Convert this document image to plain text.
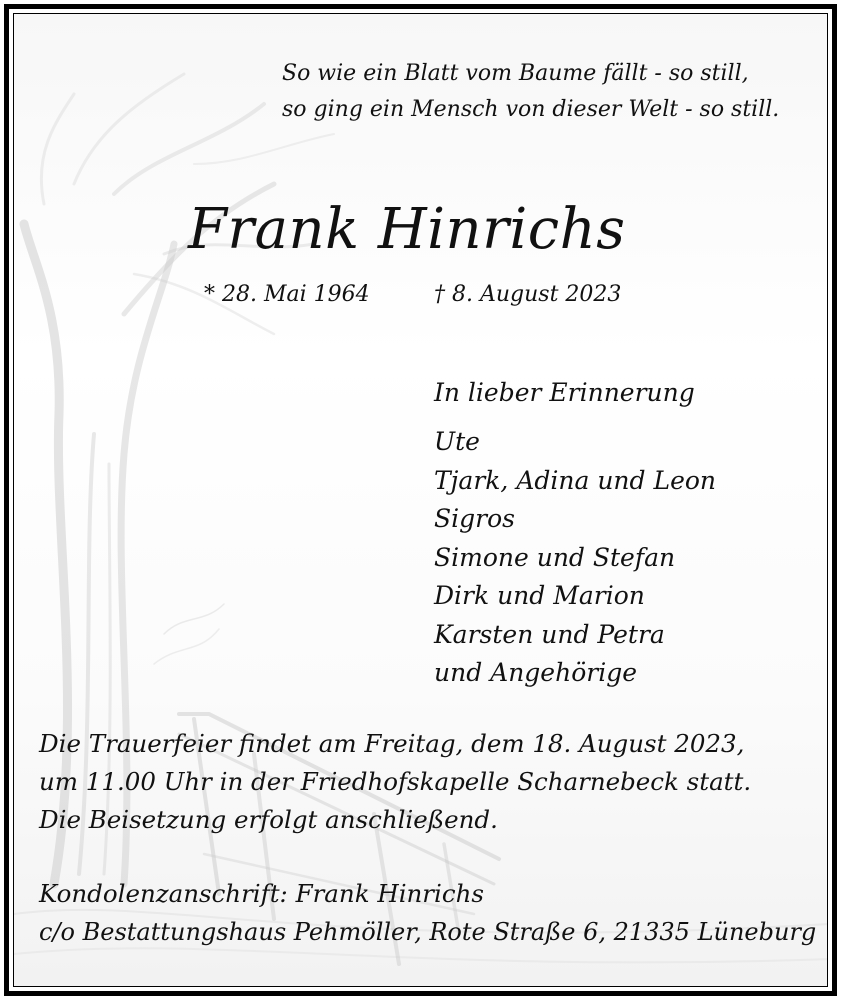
So wie ein Blatt vom Baume fällt - so still,
so ging ein Mensch von dieser Welt - so still.
Frank Hinrichs
* 28. Mai 1964	† 8. August 2023
In lieber Erinnerung
Ute
Tjark, Adina und Leon
Sigros
Simone und Stefan
Dirk und Marion
Karsten und Petra
und Angehörige
Die Trauerfeier findet am Freitag, dem 18. August 2023,
um 11.00 Uhr in der Friedhofskapelle Scharnebeck statt.
Die Beisetzung erfolgt anschließend.
Kondolenzanschrift: Frank Hinrichs
c/o Bestattungshaus Pehmöller, Rote Straße 6, 21335 Lüneburg
